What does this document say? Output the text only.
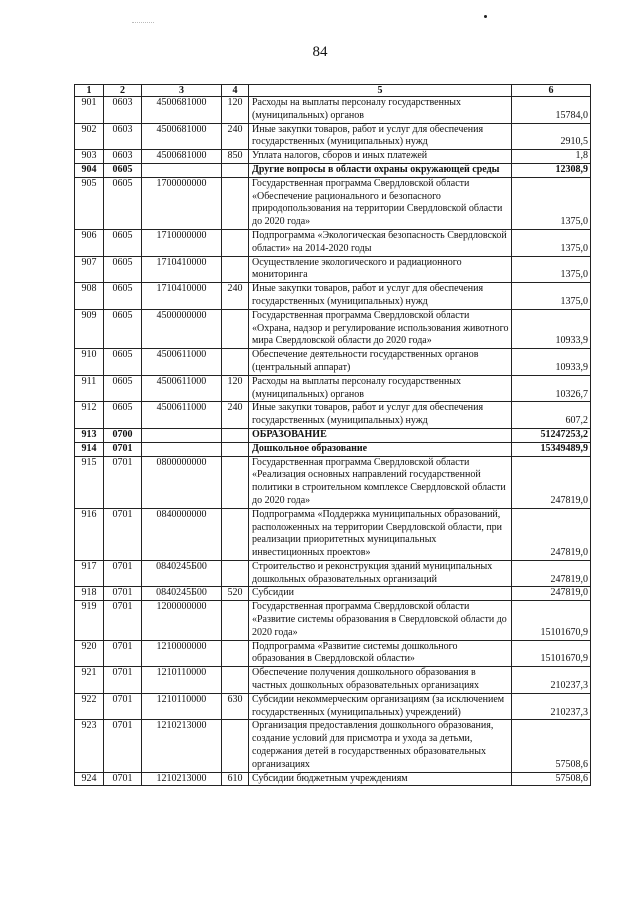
84
1	2	3	4	5	6
901	0603	4500681000	120	Расходы на выплаты персоналу государственных (муниципальных) органов	15784,0
902	0603	4500681000	240	Иные закупки товаров, работ и услуг для обеспечения государственных (муниципальных) нужд	2910,5
903	0603	4500681000	850	Уплата налогов, сборов и иных платежей	1,8
904	0605			Другие вопросы в области охраны окружающей среды	12308,9
905	0605	1700000000		Государственная программа Свердловской области «Обеспечение рационального и безопасного природопользования на территории Свердловской области до 2020 года»	1375,0
906	0605	1710000000		Подпрограмма «Экологическая безопасность Свердловской области» на 2014-2020 годы	1375,0
907	0605	1710410000		Осуществление экологического и радиационного мониторинга	1375,0
908	0605	1710410000	240	Иные закупки товаров, работ и услуг для обеспечения государственных (муниципальных) нужд	1375,0
909	0605	4500000000		Государственная программа Свердловской области «Охрана, надзор и регулирование использования животного мира Свердловской области до 2020 года»	10933,9
910	0605	4500611000		Обеспечение деятельности государственных органов (центральный аппарат)	10933,9
911	0605	4500611000	120	Расходы на выплаты персоналу государственных (муниципальных) органов	10326,7
912	0605	4500611000	240	Иные закупки товаров, работ и услуг для обеспечения государственных (муниципальных) нужд	607,2
913	0700			ОБРАЗОВАНИЕ	51247253,2
914	0701			Дошкольное образование	15349489,9
915	0701	0800000000		Государственная программа Свердловской области «Реализация основных направлений государственной политики в строительном комплексе Свердловской области до 2020 года»	247819,0
916	0701	0840000000		Подпрограмма «Поддержка муниципальных образований, расположенных на территории Свердловской области, при реализации приоритетных муниципальных инвестиционных проектов»	247819,0
917	0701	0840245Б00		Строительство и реконструкция зданий муниципальных дошкольных образовательных организаций	247819,0
918	0701	0840245Б00	520	Субсидии	247819,0
919	0701	1200000000		Государственная программа Свердловской области «Развитие системы образования в Свердловской области до 2020 года»	15101670,9
920	0701	1210000000		Подпрограмма «Развитие системы дошкольного образования в Свердловской области»	15101670,9
921	0701	1210110000		Обеспечение получения дошкольного образования в частных дошкольных образовательных организациях	210237,3
922	0701	1210110000	630	Субсидии некоммерческим организациям (за исключением государственных (муниципальных) учреждений)	210237,3
923	0701	1210213000		Организация предоставления дошкольного образования, создание условий для присмотра и ухода за детьми, содержания детей в государственных образовательных организациях	57508,6
924	0701	1210213000	610	Субсидии бюджетным учреждениям	57508,6
